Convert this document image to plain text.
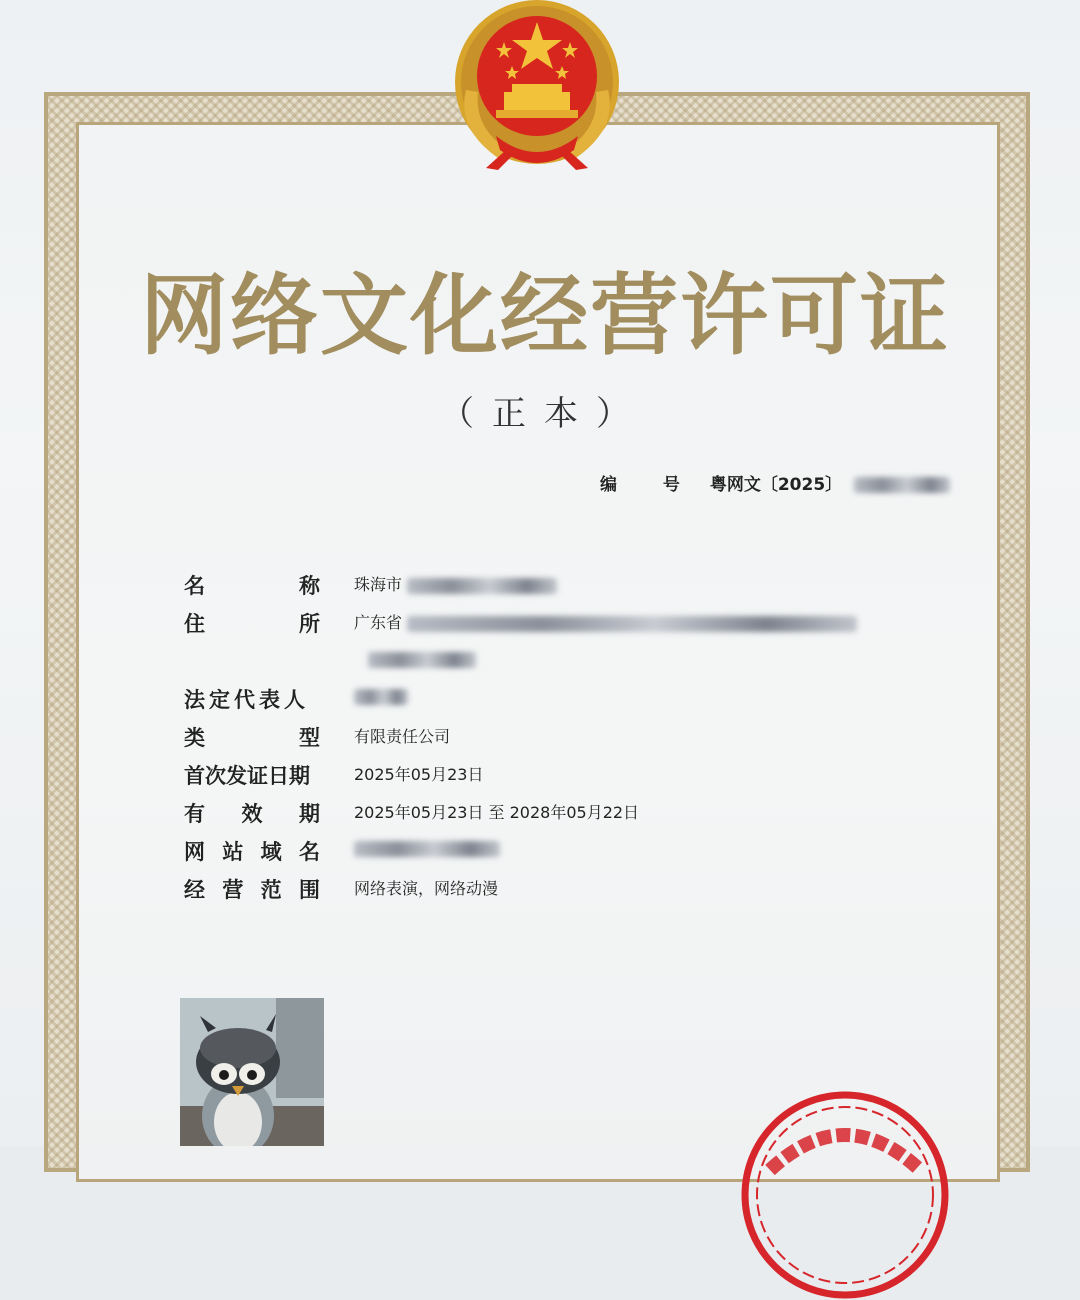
网络文化经营许可证
（正本）
编 号 粤网文〔2025〕
名	称 珠海市
住	所 广东省
法定代表人
类	型 有限责任公司
首次发证日期	2025年05月23日
有 效 期 2025年05月23日 至 2028年05月22日
网 站 域 名
经 营 范 围 网络表演，网络动漫
